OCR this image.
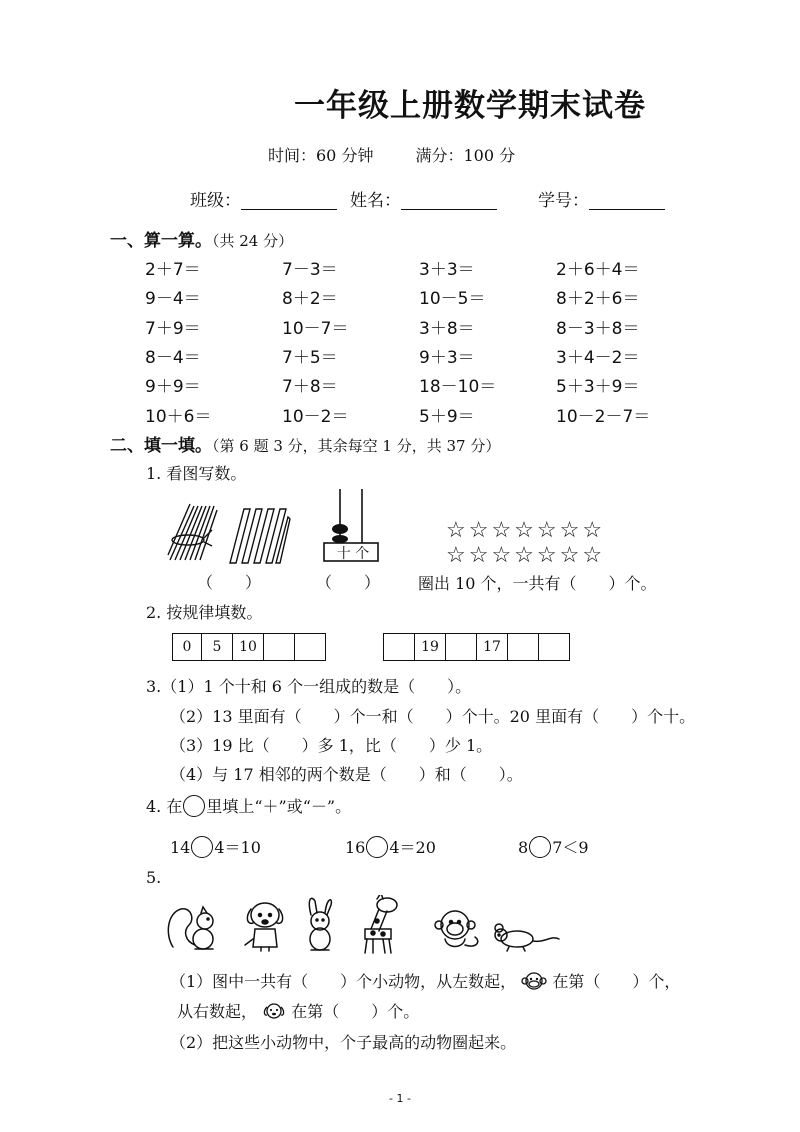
一年级上册数学期末试卷
时间：60 分钟	满分：100 分
班级：	姓名：	学号：
一、算一算。（共 24 分）
2＋7＝	7－3＝	3＋3＝	2＋6＋4＝
9－4＝	8＋2＝	10－5＝	8＋2＋6＝
7＋9＝	10－7＝	3＋8＝	8－3＋8＝
8－4＝	7＋5＝	9＋3＝	3＋4－2＝
9＋9＝	7＋8＝	18－10＝	5＋3＋9＝
10＋6＝	10－2＝	5＋9＝	10－2－7＝
二、填一填。（第 6 题 3 分，其余每空 1 分，共 37 分）
1. 看图写数。
（　　）
十 个
（　　）
☆☆☆☆☆☆☆
☆☆☆☆☆☆☆
圈出 10 个，一共有（　　）个。
2. 按规律填数。
0	5	10	19	17
3.（1）1 个十和 6 个一组成的数是（　　）。
（2）13 里面有（　　）个一和（　　）个十。20 里面有（　　）个十。
（3）19 比（　　）多 1，比（　　）少 1。
（4）与 17 相邻的两个数是（　　）和（　　）。
4. 在 里填上“＋”或“－”。
14 4＝10	16 4＝20	8 7＜9
5.
（1）图中一共有（　　）个小动物，从左数起， 在第（　　）个，
从右数起， 在第（　　）个。
（2）把这些小动物中，个子最高的动物圈起来。
- 1 -
